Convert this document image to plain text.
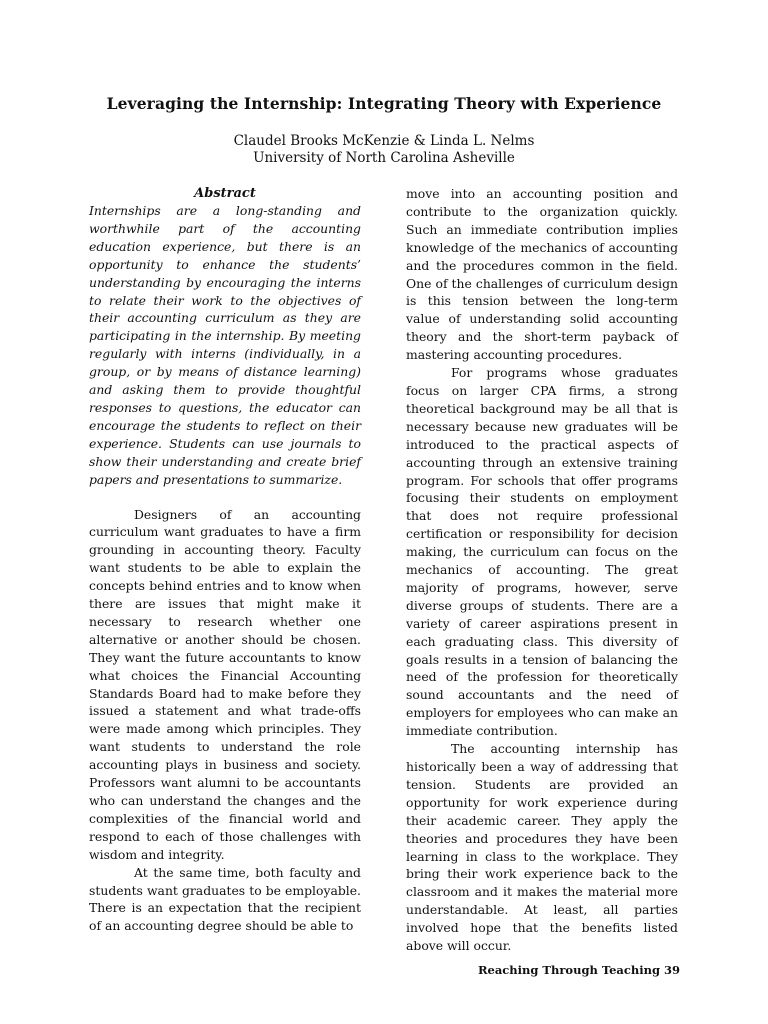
Leveraging the Internship: Integrating Theory with Experience
Claudel Brooks McKenzie & Linda L. Nelms
University of North Carolina Asheville
Abstract

Internships are a long-standing and worthwhile part of the accounting education experience, but there is an opportunity to enhance the students’ understanding by encouraging the interns to relate their work to the objectives of their accounting curriculum as they are participating in the internship. By meeting regularly with interns (individually, in a group, or by means of distance learning) and asking them to provide thoughtful responses to questions, the educator can encourage the students to reflect on their experience. Students can use journals to show their understanding and create brief papers and presentations to summarize.

Designers of an accounting curriculum want graduates to have a firm grounding in accounting theory. Faculty want students to be able to explain the concepts behind entries and to know when there are issues that might make it necessary to research whether one alternative or another should be chosen. They want the future accountants to know what choices the Financial Accounting Standards Board had to make before they issued a statement and what trade-offs were made among which principles. They want students to understand the role accounting plays in business and society. Professors want alumni to be accountants who can understand the changes and the complexities of the financial world and respond to each of those challenges with wisdom and integrity.

At the same time, both faculty and students want graduates to be employable. There is an expectation that the recipient of an accounting degree should be able to

move into an accounting position and contribute to the organization quickly. Such an immediate contribution implies knowledge of the mechanics of accounting and the procedures common in the field. One of the challenges of curriculum design is this tension between the long-term value of understanding solid accounting theory and the short-term payback of mastering accounting procedures.

For programs whose graduates focus on larger CPA firms, a strong theoretical background may be all that is necessary because new graduates will be introduced to the practical aspects of accounting through an extensive training program. For schools that offer programs focusing their students on employment that does not require professional certification or responsibility for decision making, the curriculum can focus on the mechanics of accounting. The great majority of programs, however, serve diverse groups of students. There are a variety of career aspirations present in each graduating class. This diversity of goals results in a tension of balancing the need of the profession for theoretically sound accountants and the need of employers for employees who can make an immediate contribution.

The accounting internship has historically been a way of addressing that tension. Students are provided an opportunity for work experience during their academic career. They apply the theories and procedures they have been learning in class to the workplace. They bring their work experience back to the classroom and it makes the material more understandable. At least, all parties involved hope that the benefits listed above will occur.

Reaching Through Teaching 39
